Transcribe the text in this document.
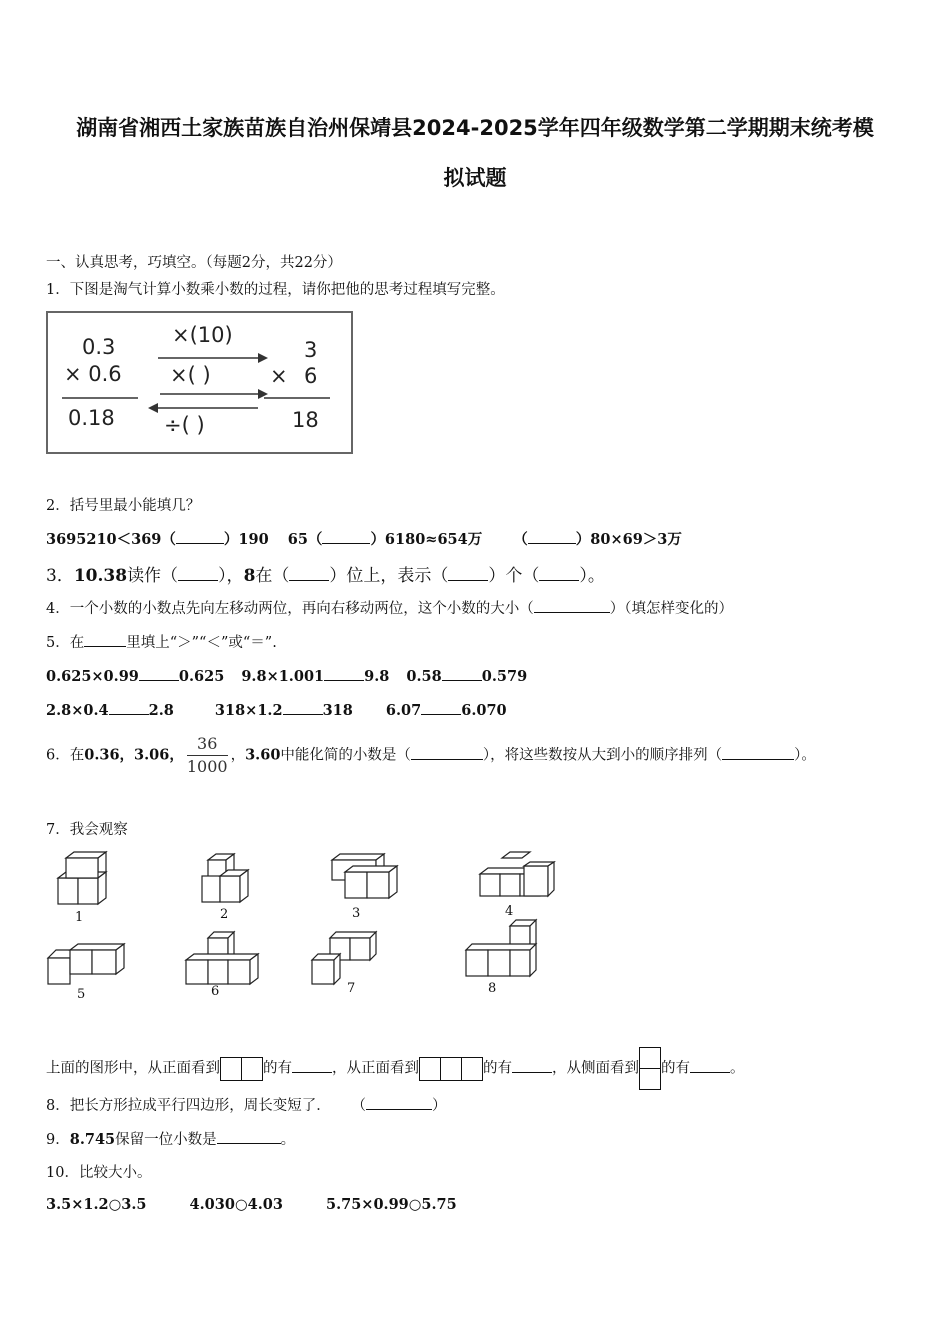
湖南省湘西土家族苗族自治州保靖县2024-2025学年四年级数学第二学期期末统考模
拟试题
一、认真思考，巧填空。（每题2分，共22分）
1．下图是淘气计算小数乘小数的过程，请你把他的思考过程填写完整。
0.3
× 0.6
0.18
×(10)
×( )
÷( )
3
× 6
18
2．括号里最小能填几？
3695210＜369（	）190 65（	）6180≈654万 （	）80×69＞3万
3．10.38读作（ ），8在（ ）位上，表示（ ）个（ ）。
4．一个小数的小数点先向左移动两位，再向右移动两位，这个小数的大小（	）（填怎样变化的）
5．在	里填上“＞”“＜”或“＝”.
0.625×0.99	0.625 9.8×1.001	9.8 0.58	0.579
2.8×0.4	2.8	318×1.2	318 6.07	6.070
6．在0.36，3.06， $\frac{36}{1000}$ ，3.60中能化简的小数是（	），将这些数按从大到小的顺序排列（	）。
7．我会观察
1	2	3	4
5	6	7	8
上面的图形中，从正面看到	的有	，从正面看到	的有	，从侧面看到 的有	。
8．把长方形拉成平行四边形，周长变短了． （	）
9．8.745保留一位小数是	。
10．比较大小。
3.5×1.2○3.5	4.030○4.03	5.75×0.99○5.75
